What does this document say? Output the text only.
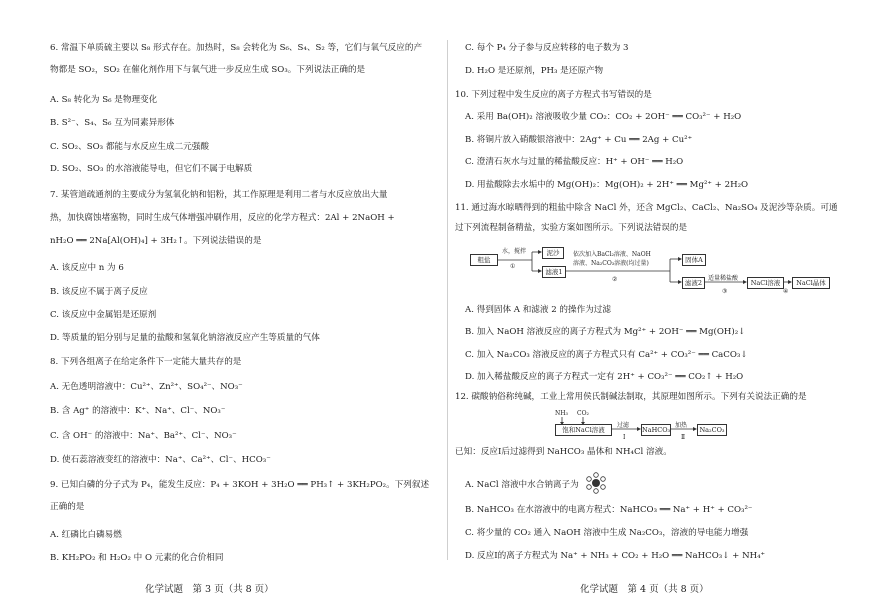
6. 常温下单质硫主要以 S₈ 形式存在。加热时，S₈ 会转化为 S₆、S₄、S₂ 等，它们与氧气反应的产
物都是 SO₂，SO₂ 在催化剂作用下与氧气进一步反应生成 SO₃。下列说法正确的是
A. S₈ 转化为 S₆ 是物理变化
B. S²⁻、S₄、S₆ 互为同素异形体
C. SO₂、SO₃ 都能与水反应生成二元强酸
D. SO₂、SO₃ 的水溶液能导电，但它们不属于电解质
7. 某管道疏通剂的主要成分为氢氧化钠和铝粉，其工作原理是利用二者与水反应放出大量
热，加快腐蚀堵塞物，同时生成气体增强冲刷作用，反应的化学方程式：2Al + 2NaOH +
nH₂O ══ 2Na[Al(OH)₄] + 3H₂↑。下列说法错误的是
A. 该反应中 n 为 6
B. 该反应不属于离子反应
C. 该反应中金属铝是还原剂
D. 等质量的铝分别与足量的盐酸和氢氧化钠溶液反应产生等质量的气体
8. 下列各组离子在给定条件下一定能大量共存的是
A. 无色透明溶液中：Cu²⁺、Zn²⁺、SO₄²⁻、NO₃⁻
B. 含 Ag⁺ 的溶液中：K⁺、Na⁺、Cl⁻、NO₃⁻
C. 含 OH⁻ 的溶液中：Na⁺、Ba²⁺、Cl⁻、NO₃⁻
D. 使石蕊溶液变红的溶液中：Na⁺、Ca²⁺、Cl⁻、HCO₃⁻
9. 已知白磷的分子式为 P₄，能发生反应：P₄ + 3KOH + 3H₂O ══ PH₃↑ + 3KH₂PO₂。下列叙述
正确的是
A. 红磷比白磷易燃
B. KH₂PO₂ 和 H₂O₂ 中 O 元素的化合价相同
化学试题　第 3 页（共 8 页）
C. 每个 P₄ 分子参与反应转移的电子数为 3
D. H₂O 是还原剂，PH₃ 是还原产物
10. 下列过程中发生反应的离子方程式书写错误的是
A. 采用 Ba(OH)₂ 溶液吸收少量 CO₂：CO₂ + 2OH⁻ ══ CO₃²⁻ + H₂O
B. 将铜片放入硝酸银溶液中：2Ag⁺ + Cu ══ 2Ag + Cu²⁺
C. 澄清石灰水与过量的稀盐酸反应：H⁺ + OH⁻ ══ H₂O
D. 用盐酸除去水垢中的 Mg(OH)₂：Mg(OH)₂ + 2H⁺ ══ Mg²⁺ + 2H₂O
11. 通过海水晾晒得到的粗盐中除含 NaCl 外，还含 MgCl₂、CaCl₂、Na₂SO₄ 及泥沙等杂质。可通
过下列流程制备精盐，实验方案如图所示。下列说法错误的是
粗盐
水，搅拌
①
泥沙
滤液1
依次加入BaCl₂溶液、NaOH
溶液、Na₂CO₃溶液(均过量)
②
固体A
滤液2
适量稀盐酸
③
NaCl溶液
④
NaCl晶体
A. 得到固体 A 和滤液 2 的操作为过滤
B. 加入 NaOH 溶液反应的离子方程式为 Mg²⁺ + 2OH⁻ ══ Mg(OH)₂↓
C. 加入 Na₂CO₃ 溶液反应的离子方程式只有 Ca²⁺ + CO₃²⁻ ══ CaCO₃↓
D. 加入稀盐酸反应的离子方程式一定有 2H⁺ + CO₃²⁻ ══ CO₂↑ + H₂O
12. 碳酸钠俗称纯碱，工业上常用侯氏制碱法制取，其原理如图所示。下列有关说法正确的是
NH₃ CO₂
饱和NaCl溶液
过滤
Ⅰ
NaHCO₃
加热
Ⅱ
Na₂CO₃
已知：反应Ⅰ后过滤得到 NaHCO₃ 晶体和 NH₄Cl 溶液。
A. NaCl 溶液中水合钠离子为
B. NaHCO₃ 在水溶液中的电离方程式：NaHCO₃ ══ Na⁺ + H⁺ + CO₃²⁻
C. 将少量的 CO₂ 通入 NaOH 溶液中生成 Na₂CO₃，溶液的导电能力增强
D. 反应Ⅰ的离子方程式为 Na⁺ + NH₃ + CO₂ + H₂O ══ NaHCO₃↓ + NH₄⁺
化学试题　第 4 页（共 8 页）
